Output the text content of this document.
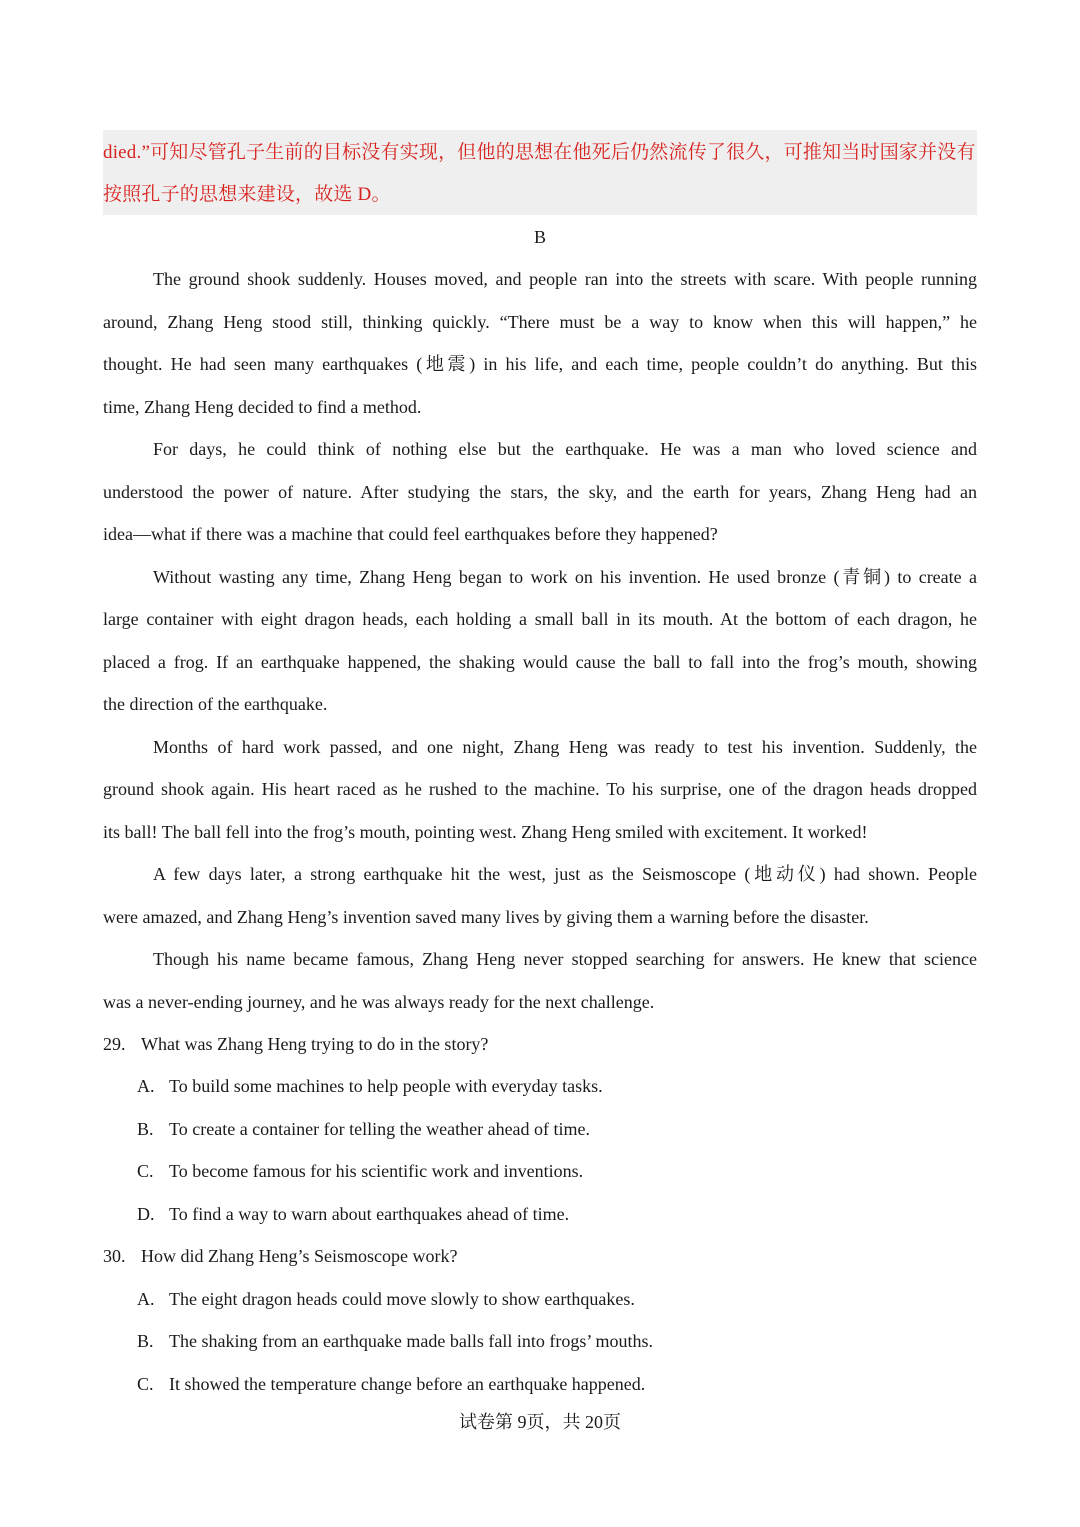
died.”可知尽管孔子生前的目标没有实现，但他的思想在他死后仍然流传了很久，可推知当时国家并没有
按照孔子的思想来建设，故选 D。
B
The ground shook suddenly. Houses moved, and people ran into the streets with scare. With people running
around, Zhang Heng stood still, thinking quickly. “There must be a way to know when this will happen,” he
thought. He had seen many earthquakes (地震) in his life, and each time, people couldn’t do anything. But this
time, Zhang Heng decided to find a method.
For days, he could think of nothing else but the earthquake. He was a man who loved science and
understood the power of nature. After studying the stars, the sky, and the earth for years, Zhang Heng had an
idea—what if there was a machine that could feel earthquakes before they happened?
Without wasting any time, Zhang Heng began to work on his invention. He used bronze (青铜) to create a
large container with eight dragon heads, each holding a small ball in its mouth. At the bottom of each dragon, he
placed a frog. If an earthquake happened, the shaking would cause the ball to fall into the frog’s mouth, showing
the direction of the earthquake.
Months of hard work passed, and one night, Zhang Heng was ready to test his invention. Suddenly, the
ground shook again. His heart raced as he rushed to the machine. To his surprise, one of the dragon heads dropped
its ball! The ball fell into the frog’s mouth, pointing west. Zhang Heng smiled with excitement. It worked!
A few days later, a strong earthquake hit the west, just as the Seismoscope (地动仪) had shown. People
were amazed, and Zhang Heng’s invention saved many lives by giving them a warning before the disaster.
Though his name became famous, Zhang Heng never stopped searching for answers. He knew that science
was a never-ending journey, and he was always ready for the next challenge.
29. What was Zhang Heng trying to do in the story?
A. To build some machines to help people with everyday tasks.
B. To create a container for telling the weather ahead of time.
C. To become famous for his scientific work and inventions.
D. To find a way to warn about earthquakes ahead of time.
30. How did Zhang Heng’s Seismoscope work?
A. The eight dragon heads could move slowly to show earthquakes.
B. The shaking from an earthquake made balls fall into frogs’ mouths.
C. It showed the temperature change before an earthquake happened.
试卷第 9页，共 20页
